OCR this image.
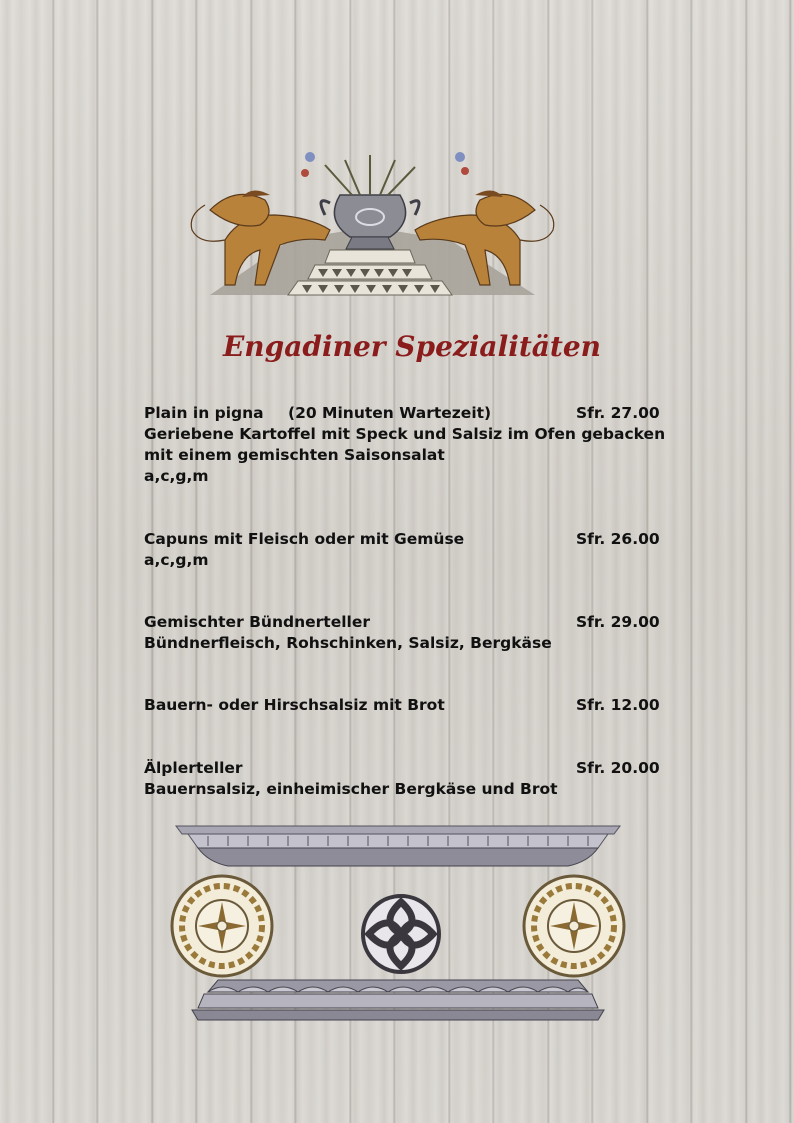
Engadiner Spezialitäten
Plain in pigna (20 Minuten Wartezeit)	Sfr. 27.00
Geriebene Kartoffel mit Speck und Salsiz im Ofen gebacken
mit einem gemischten Saisonsalat
a,c,g,m
Capuns mit Fleisch oder mit Gemüse	Sfr. 26.00
a,c,g,m
Gemischter Bündnerteller	Sfr. 29.00
Bündnerfleisch, Rohschinken, Salsiz, Bergkäse
Bauern- oder Hirschsalsiz mit Brot	Sfr. 12.00
Älplerteller	Sfr. 20.00
Bauernsalsiz, einheimischer Bergkäse und Brot
